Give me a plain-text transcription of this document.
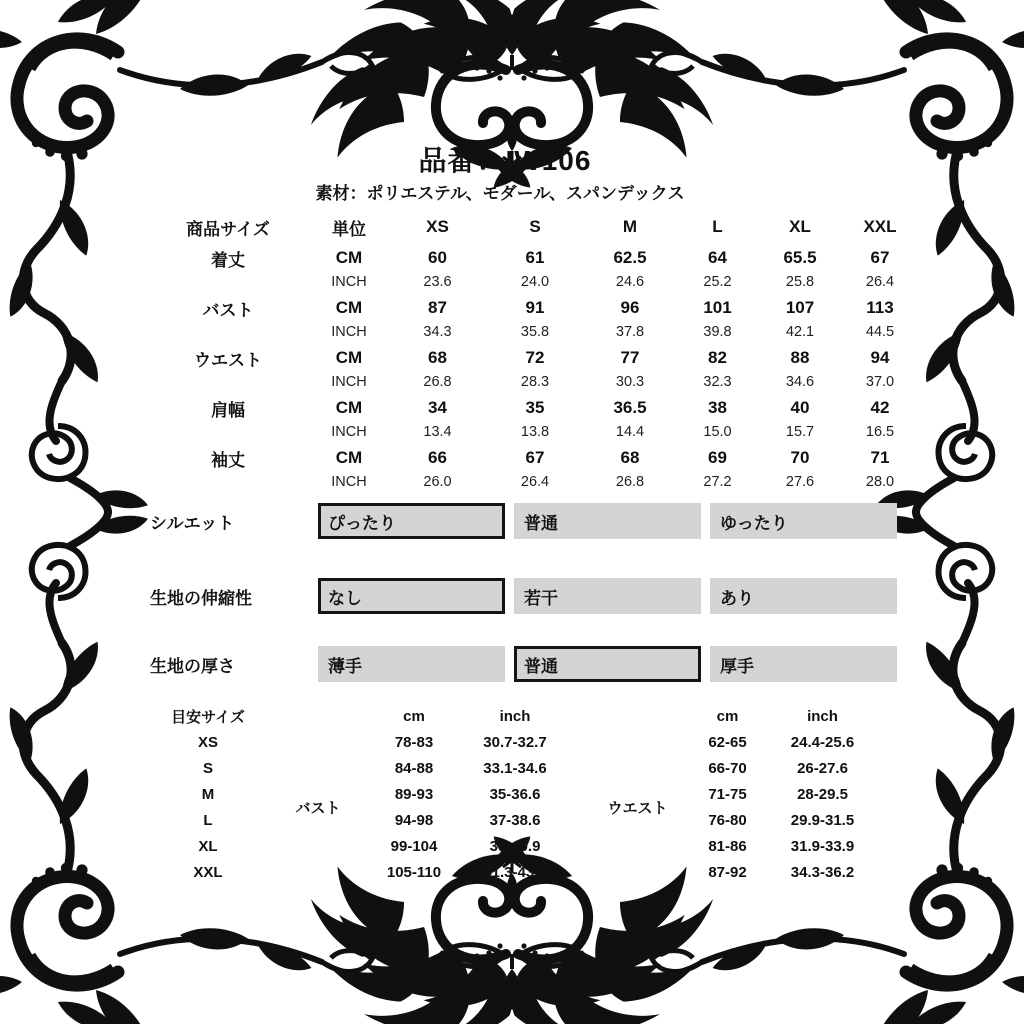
品番：IW106
素材：ポリエステル、モダール、スパンデックス
商品サイズ	単位	XS	S	M	L	XL	XXL
着丈	CM	60	61	62.5	64	65.5	67
	INCH	23.6	24.0	24.6	25.2	25.8	26.4
バスト	CM	87	91	96	101	107	113
	INCH	34.3	35.8	37.8	39.8	42.1	44.5
ウエスト	CM	68	72	77	82	88	94
	INCH	26.8	28.3	30.3	32.3	34.6	37.0
肩幅	CM	34	35	36.5	38	40	42
	INCH	13.4	13.8	14.4	15.0	15.7	16.5
袖丈	CM	66	67	68	69	70	71
	INCH	26.0	26.4	26.8	27.2	27.6	28.0
シルエット	ぴったり	普通	ゆったり
生地の伸縮性	なし	若干	あり
生地の厚さ	薄手	普通	厚手
目安サイズ		cm	inch			cm	inch
XS	バスト	78-83	30.7-32.7		ウエスト	62-65	24.4-25.6
S		84-88	33.1-34.6			66-70	26-27.6
M		89-93	35-36.6			71-75	28-29.5
L		94-98	37-38.6			76-80	29.9-31.5
XL		99-104	39-40.9			81-86	31.9-33.9
XXL		105-110	41.3-43.3			87-92	34.3-36.2
